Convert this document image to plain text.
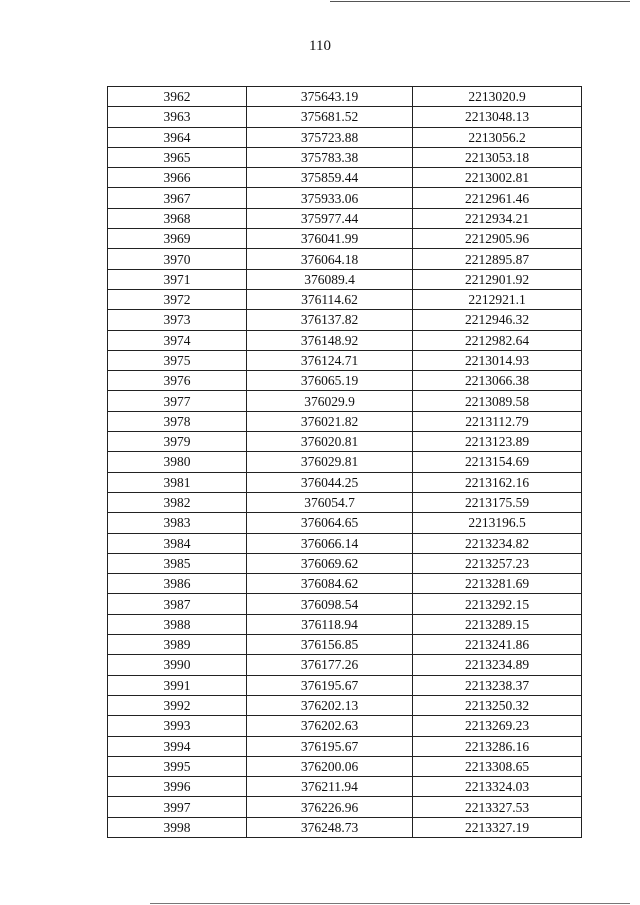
110
3962	375643.19	2213020.9
3963	375681.52	2213048.13
3964	375723.88	2213056.2
3965	375783.38	2213053.18
3966	375859.44	2213002.81
3967	375933.06	2212961.46
3968	375977.44	2212934.21
3969	376041.99	2212905.96
3970	376064.18	2212895.87
3971	376089.4	2212901.92
3972	376114.62	2212921.1
3973	376137.82	2212946.32
3974	376148.92	2212982.64
3975	376124.71	2213014.93
3976	376065.19	2213066.38
3977	376029.9	2213089.58
3978	376021.82	2213112.79
3979	376020.81	2213123.89
3980	376029.81	2213154.69
3981	376044.25	2213162.16
3982	376054.7	2213175.59
3983	376064.65	2213196.5
3984	376066.14	2213234.82
3985	376069.62	2213257.23
3986	376084.62	2213281.69
3987	376098.54	2213292.15
3988	376118.94	2213289.15
3989	376156.85	2213241.86
3990	376177.26	2213234.89
3991	376195.67	2213238.37
3992	376202.13	2213250.32
3993	376202.63	2213269.23
3994	376195.67	2213286.16
3995	376200.06	2213308.65
3996	376211.94	2213324.03
3997	376226.96	2213327.53
3998	376248.73	2213327.19
